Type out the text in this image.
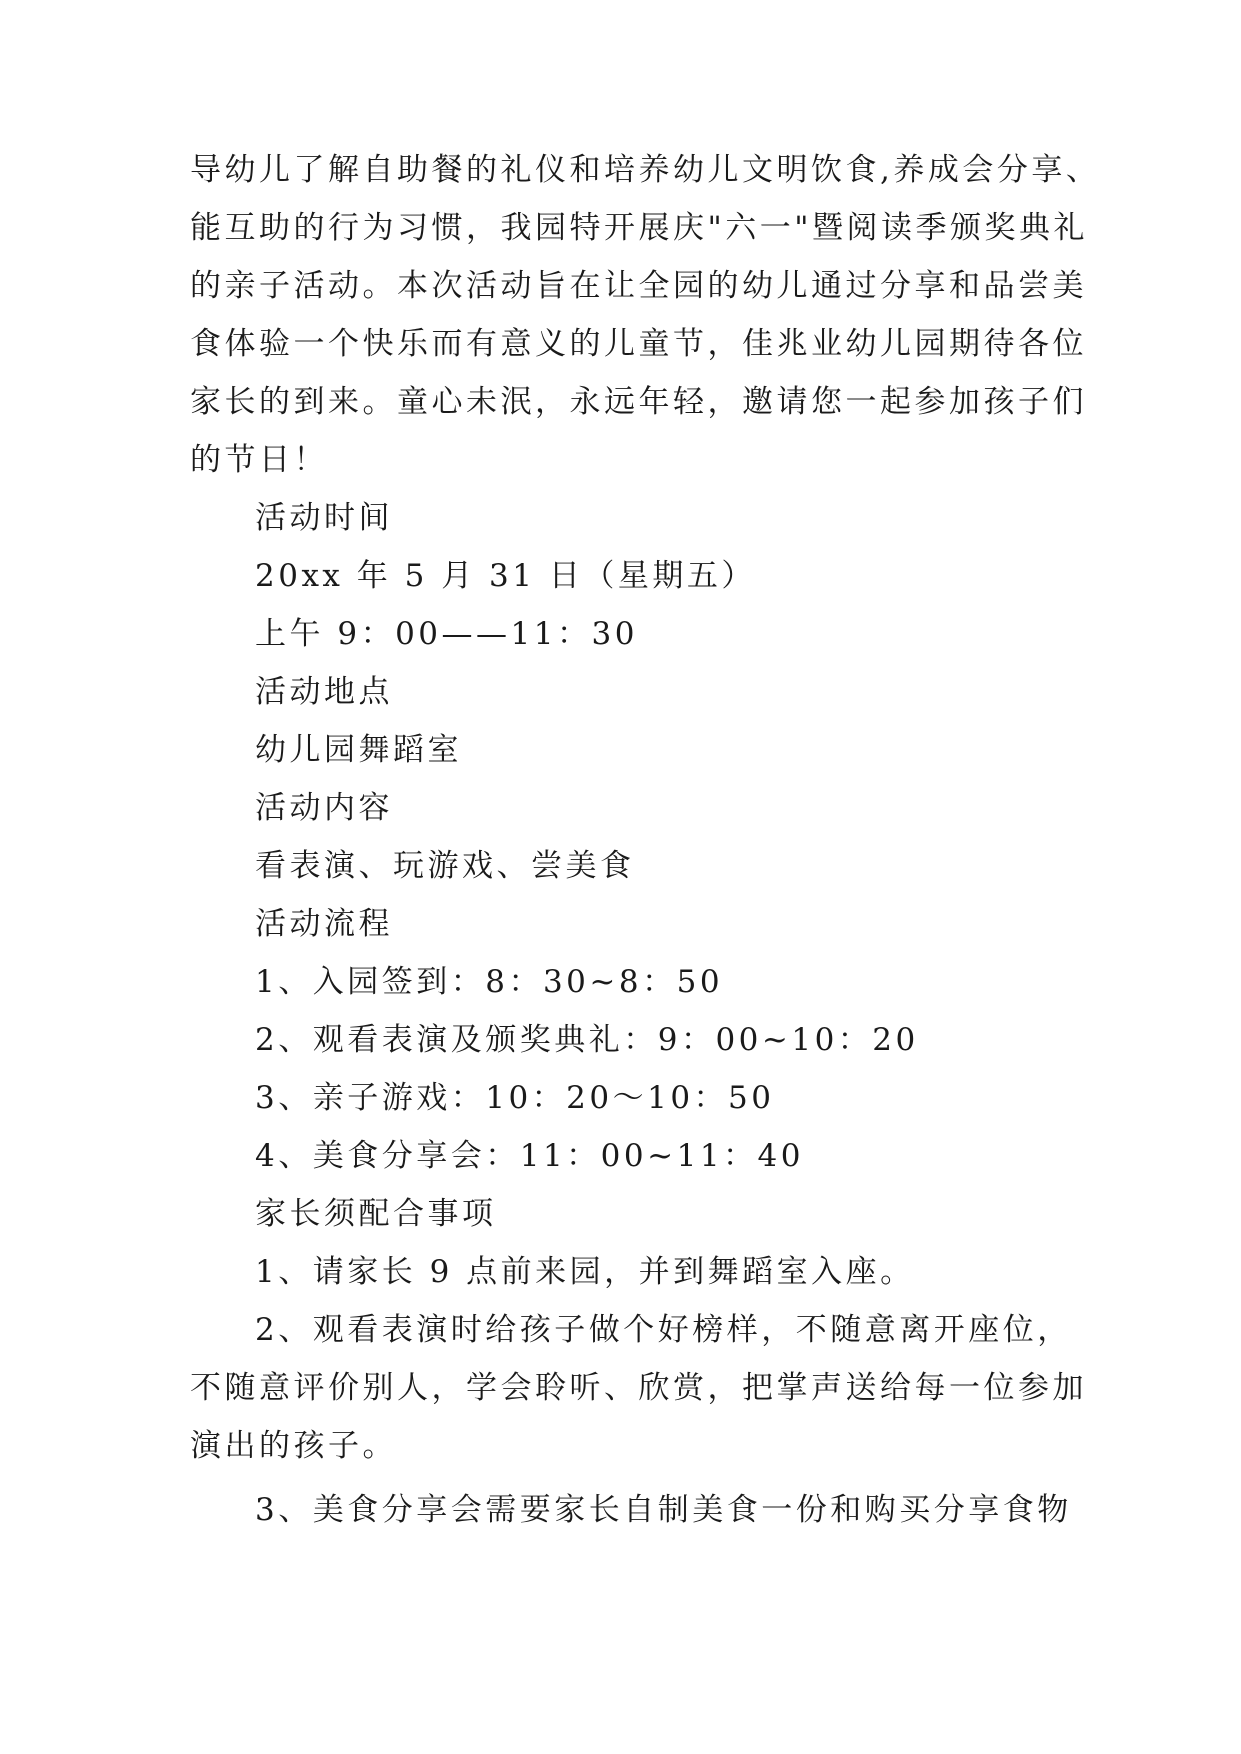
导幼儿了解自助餐的礼仪和培养幼儿文明饮食,养成会分享、
能互助的行为习惯，我园特开展庆"六一"暨阅读季颁奖典礼
的亲子活动。本次活动旨在让全园的幼儿通过分享和品尝美
食体验一个快乐而有意义的儿童节，佳兆业幼儿园期待各位
家长的到来。童心未泯，永远年轻，邀请您一起参加孩子们
的节日！
活动时间
20xx 年 5 月 31 日（星期五）
上午 9：00——11：30
活动地点
幼儿园舞蹈室
活动内容
看表演、玩游戏、尝美食
活动流程
1、入园签到：8：30~8：50
2、观看表演及颁奖典礼：9：00~10：20
3、亲子游戏：10：20～10：50
4、美食分享会：11：00~11：40
家长须配合事项
1、请家长 9 点前来园，并到舞蹈室入座。
2、观看表演时给孩子做个好榜样，不随意离开座位，
不随意评价别人，学会聆听、欣赏，把掌声送给每一位参加
演出的孩子。
3、美食分享会需要家长自制美食一份和购买分享食物
